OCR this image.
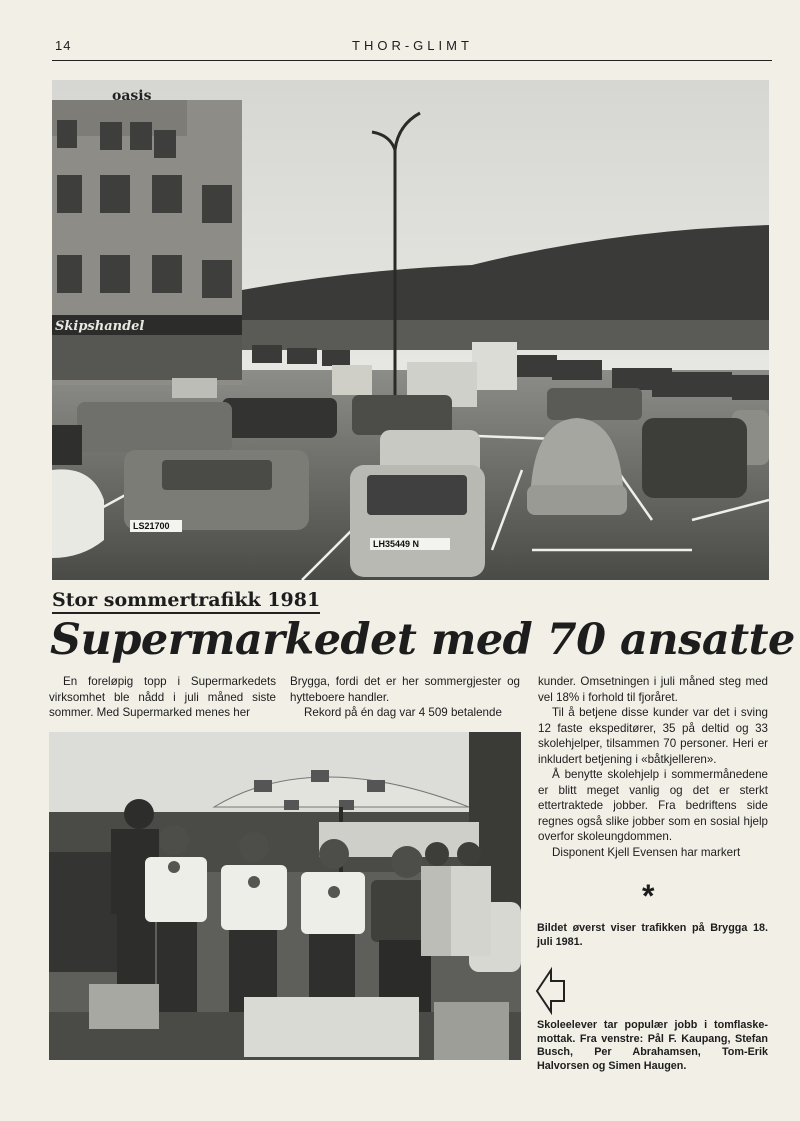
14	THOR-GLIMT
oasis
Skipshandel
LS21700
LH35449 N
Stor sommertrafikk 1981
Supermarkedet med 70 ansatte

En foreløpig topp i Supermarkedets virksomhet ble nådd i juli måned siste sommer. Med Supermarked menes her

Brygga, fordi det er her sommergjester og hytteboere handler.

Rekord på én dag var 4 509 betalende

kunder. Omsetningen i juli måned steg med vel 18% i forhold til fjoråret.

Til å betjene disse kunder var det i sving 12 faste ekspeditører, 35 på deltid og 33 skolehjelper, tilsammen 70 personer. Heri er inkludert betjening i «båtkjelleren».

Å benytte skolehjelp i sommermånedene er blitt meget vanlig og det er sterkt ettertraktede jobber. Fra bedriftens side regnes også slike jobber som en sosial hjelp overfor skoleungdommen.

Disponent Kjell Evensen har markert

*
Bildet øverst viser trafikken på Brygga 18. juli 1981.
Skoleelever tar populær jobb i tomflaske-mottak. Fra venstre: Pål F. Kaupang, Stefan Busch, Per Abrahamsen, Tom-Erik Halvorsen og Simen Haugen.
